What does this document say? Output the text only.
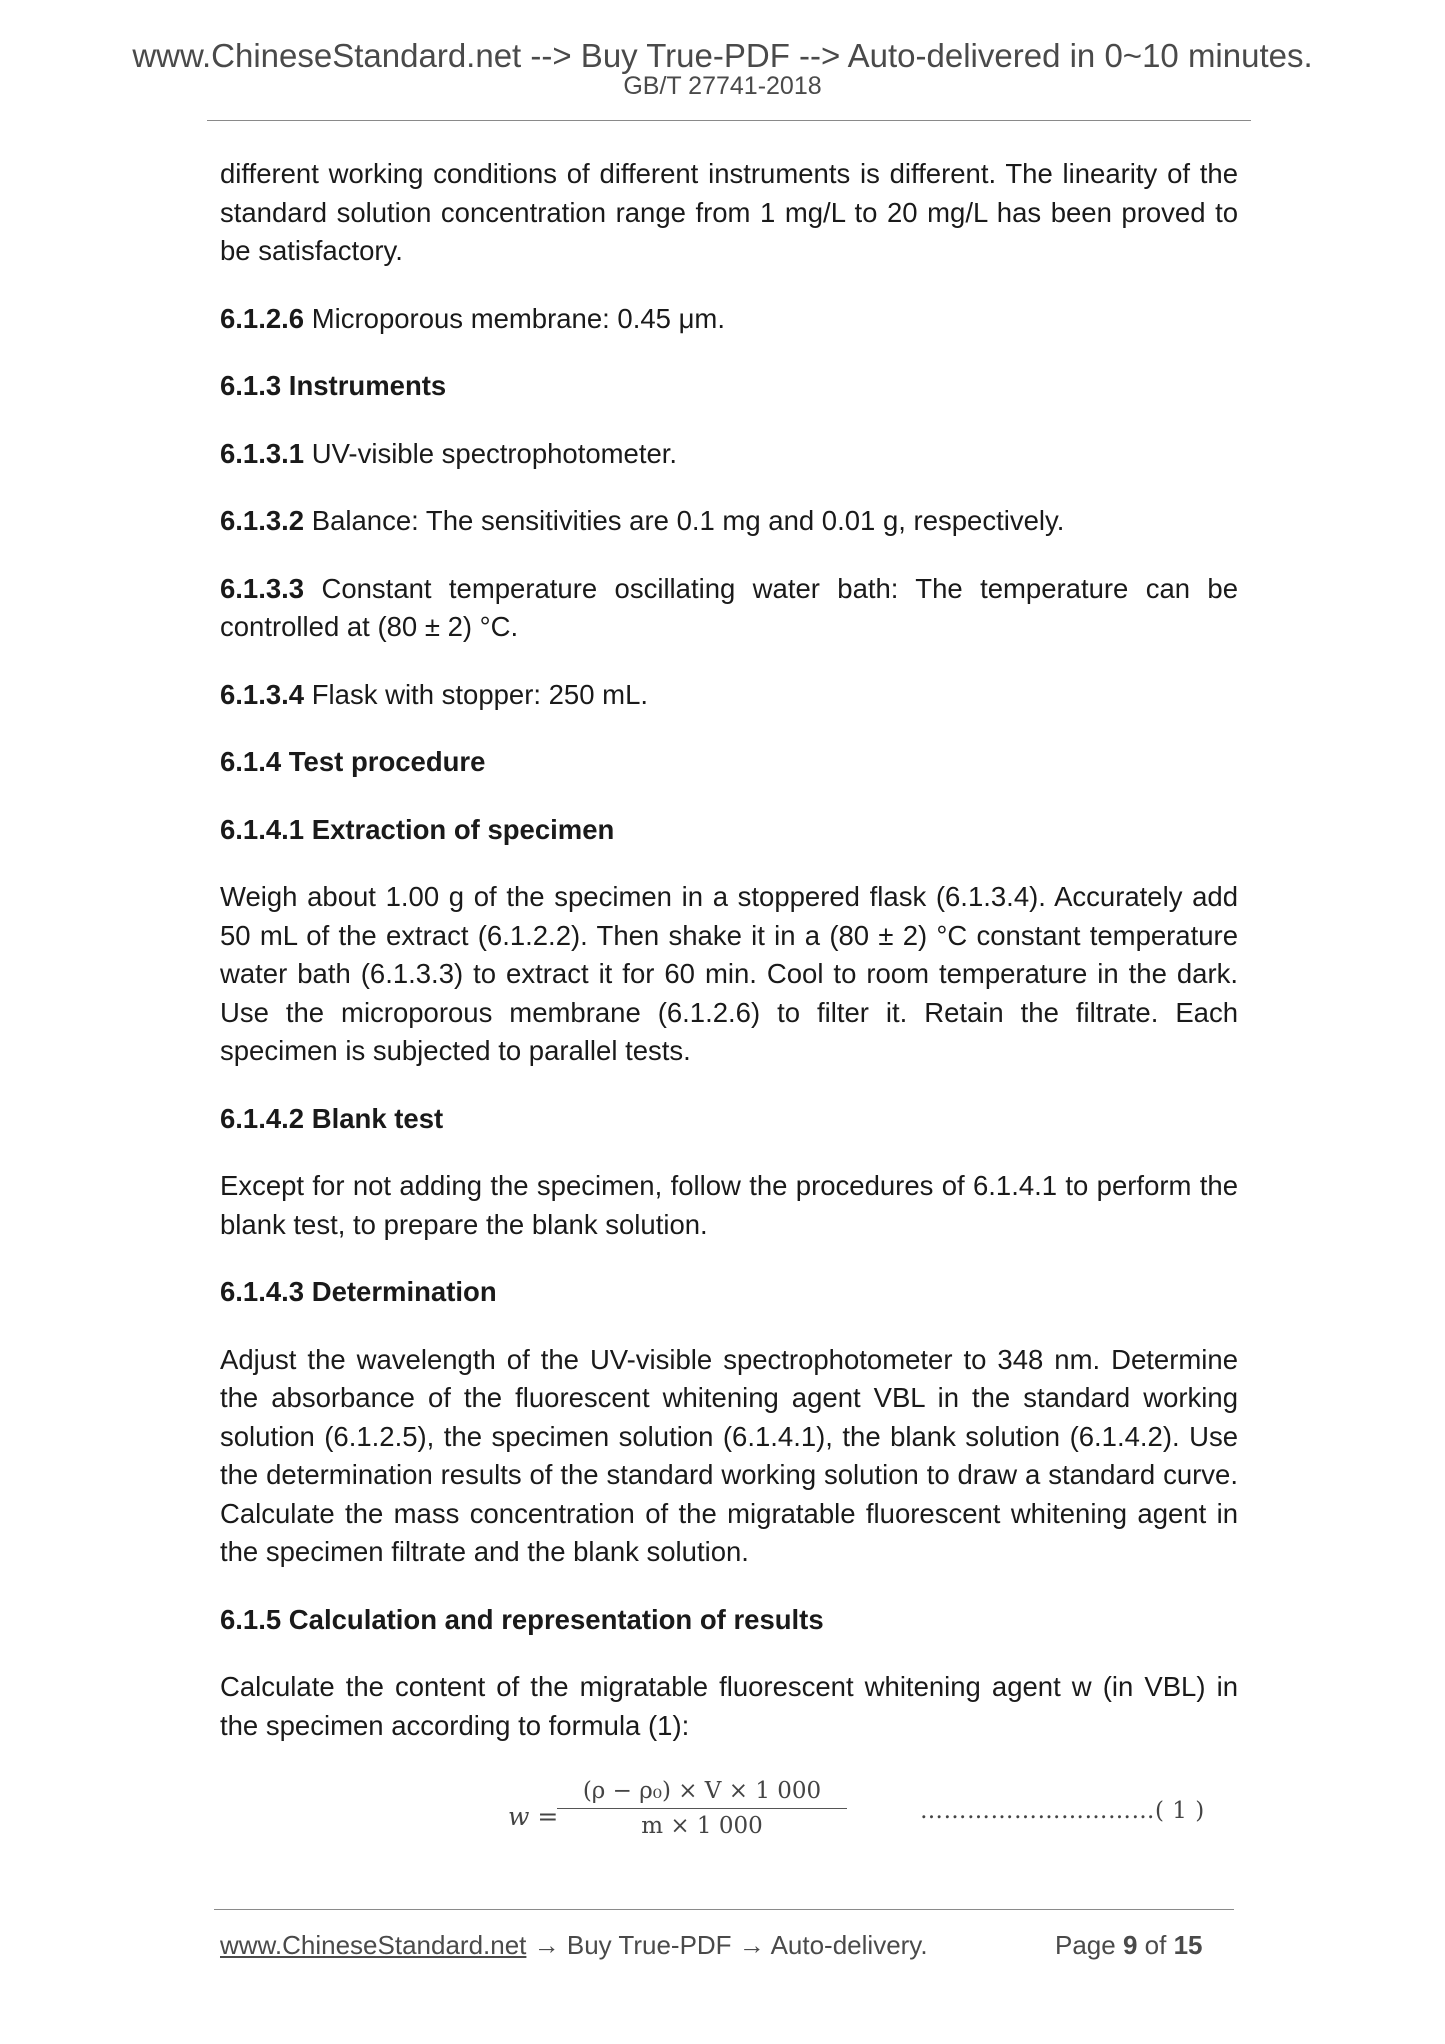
www.ChineseStandard.net --> Buy True-PDF --> Auto-delivered in 0~10 minutes.
GB/T 27741-2018

different working conditions of different instruments is different. The linearity of the standard solution concentration range from 1 mg/L to 20 mg/L has been proved to be satisfactory.

6.1.2.6 Microporous membrane: 0.45 μm.

6.1.3 Instruments

6.1.3.1 UV-visible spectrophotometer.

6.1.3.2 Balance: The sensitivities are 0.1 mg and 0.01 g, respectively.

6.1.3.3 Constant temperature oscillating water bath: The temperature can be controlled at (80 ± 2) °C.

6.1.3.4 Flask with stopper: 250 mL.

6.1.4 Test procedure

6.1.4.1 Extraction of specimen

Weigh about 1.00 g of the specimen in a stoppered flask (6.1.3.4). Accurately add 50 mL of the extract (6.1.2.2). Then shake it in a (80 ± 2) °C constant temperature water bath (6.1.3.3) to extract it for 60 min. Cool to room temperature in the dark. Use the microporous membrane (6.1.2.6) to filter it. Retain the filtrate. Each specimen is subjected to parallel tests.

6.1.4.2 Blank test

Except for not adding the specimen, follow the procedures of 6.1.4.1 to perform the blank test, to prepare the blank solution.

6.1.4.3 Determination

Adjust the wavelength of the UV-visible spectrophotometer to 348 nm. Determine the absorbance of the fluorescent whitening agent VBL in the standard working solution (6.1.2.5), the specimen solution (6.1.4.1), the blank solution (6.1.4.2). Use the determination results of the standard working solution to draw a standard curve. Calculate the mass concentration of the migratable fluorescent whitening agent in the specimen filtrate and the blank solution.

6.1.5 Calculation and representation of results

Calculate the content of the migratable fluorescent whitening agent w (in VBL) in the specimen according to formula (1):

w =
$\frac{\text{(ρ − ρ₀) × V × 1 000}}{m \times 1 000}$	…………………………( 1 )
www.ChineseStandard.net → Buy True-PDF → Auto-delivery.	Page 9 of 15
